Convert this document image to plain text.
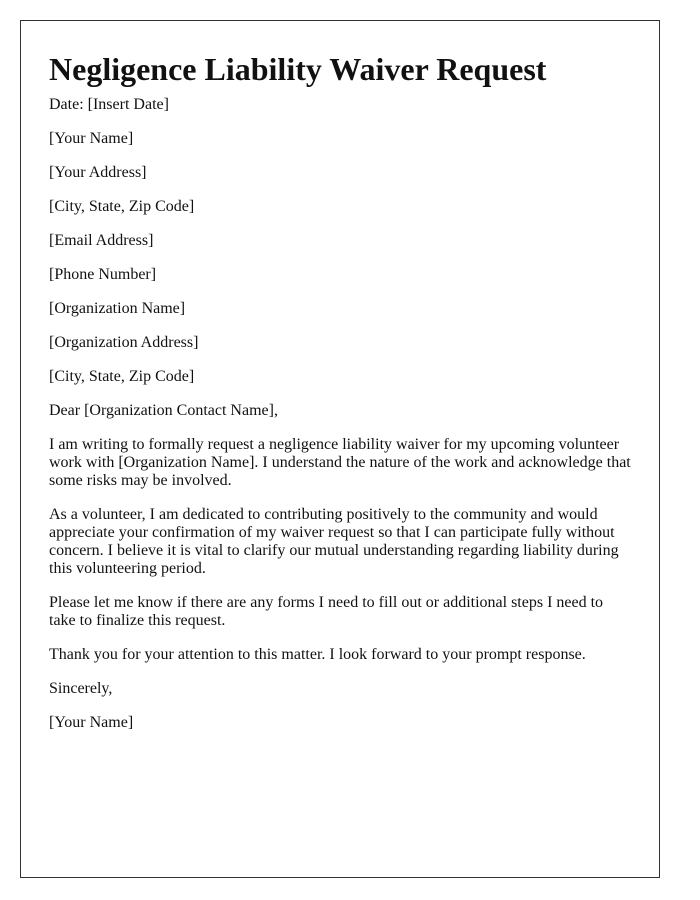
Negligence Liability Waiver Request
Date: [Insert Date]
[Your Name]
[Your Address]
[City, State, Zip Code]
[Email Address]
[Phone Number]
[Organization Name]
[Organization Address]
[City, State, Zip Code]
Dear [Organization Contact Name],

I am writing to formally request a negligence liability waiver for my upcoming volunteer work with [Organization Name]. I understand the nature of the work and acknowledge that some risks may be involved.

As a volunteer, I am dedicated to contributing positively to the community and would appreciate your confirmation of my waiver request so that I can participate fully without concern. I believe it is vital to clarify our mutual understanding regarding liability during this volunteering period.

Please let me know if there are any forms I need to fill out or additional steps I need to take to finalize this request.

Thank you for your attention to this matter. I look forward to your prompt response.

Sincerely,
[Your Name]
